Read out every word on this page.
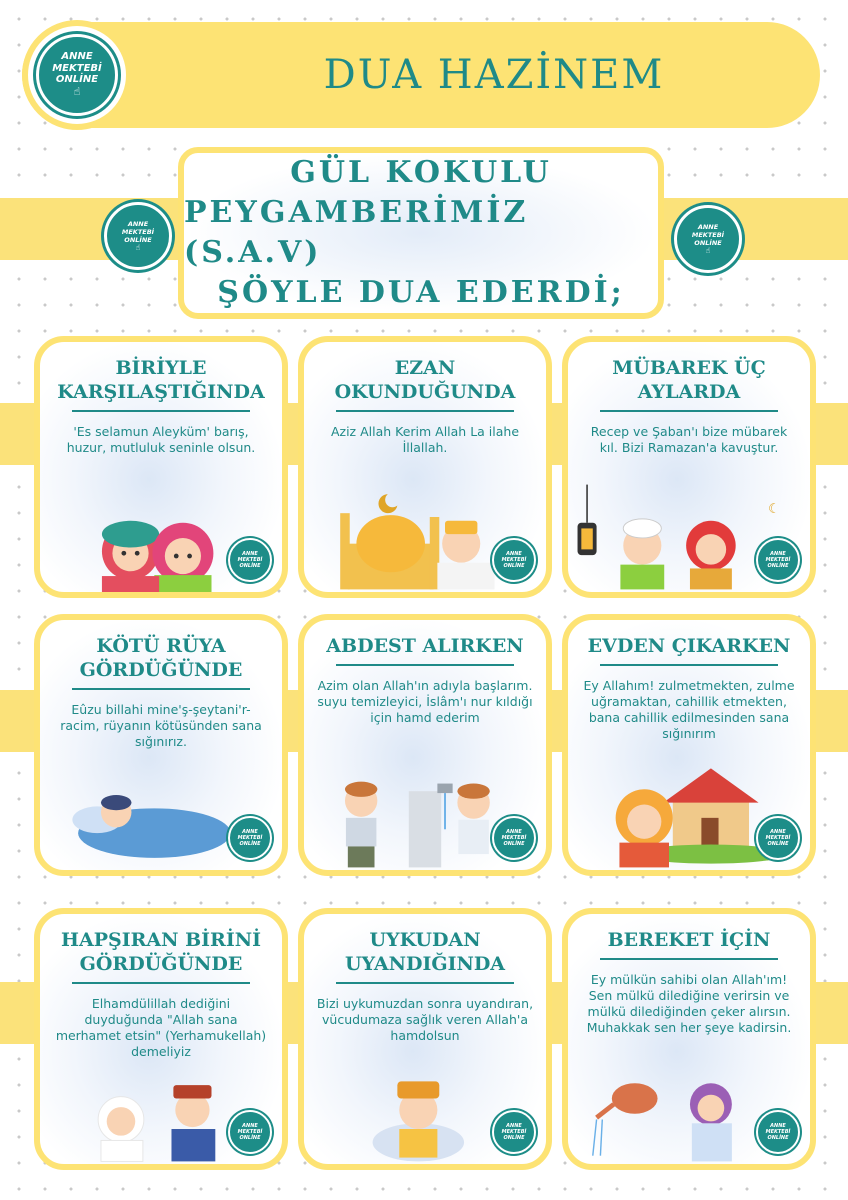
ANNE
MEKTEBİ
ONLİNE
☝	DUA HAZİNEM
ANNE
MEKTEBİ
ONLİNE
☝
ANNE
MEKTEBİ
ONLİNE
☝
GÜL KOKULU
PEYGAMBERİMİZ (S.A.V)
ŞÖYLE DUA EDERDİ;
BİRİYLE KARŞILAŞTIĞINDA
'Es selamun Aleyküm' barış, huzur, mutluluk seninle olsun.
ANNE
MEKTEBİ
ONLİNE
EZAN OKUNDUĞUNDA
Aziz Allah Kerim Allah La ilahe İllallah.
ANNE
MEKTEBİ
ONLİNE
MÜBAREK ÜÇ AYLARDA
Recep ve Şaban'ı bize mübarek kıl. Bizi Ramazan'a kavuştur.
☾
ANNE
MEKTEBİ
ONLİNE
KÖTÜ RÜYA GÖRDÜĞÜNDE
Eûzu billahi mine'ş-şeytani'r-racim, rüyanın kötüsünden sana sığınırız.
ANNE
MEKTEBİ
ONLİNE
ABDEST ALIRKEN
Azim olan Allah'ın adıyla başlarım. suyu temizleyici, İslâm'ı nur kıldığı için hamd ederim
ANNE
MEKTEBİ
ONLİNE
EVDEN ÇIKARKEN
Ey Allahım! zulmetmekten, zulme uğramaktan, cahillik etmekten, bana cahillik edilmesinden sana sığınırım
ANNE
MEKTEBİ
ONLİNE
HAPŞIRAN BİRİNİ GÖRDÜĞÜNDE
Elhamdülillah dediğini duyduğunda "Allah sana merhamet etsin" (Yerhamukellah) demeliyiz
ANNE
MEKTEBİ
ONLİNE
UYKUDAN UYANDIĞINDA
Bizi uykumuzdan sonra uyandıran, vücudumaza sağlık veren Allah'a hamdolsun
ANNE
MEKTEBİ
ONLİNE
BEREKET İÇİN
Ey mülkün sahibi olan Allah'ım! Sen mülkü dilediğine verirsin ve mülkü dilediğinden çeker alırsın. Muhakkak sen her şeye kadirsin.
ANNE
MEKTEBİ
ONLİNE
